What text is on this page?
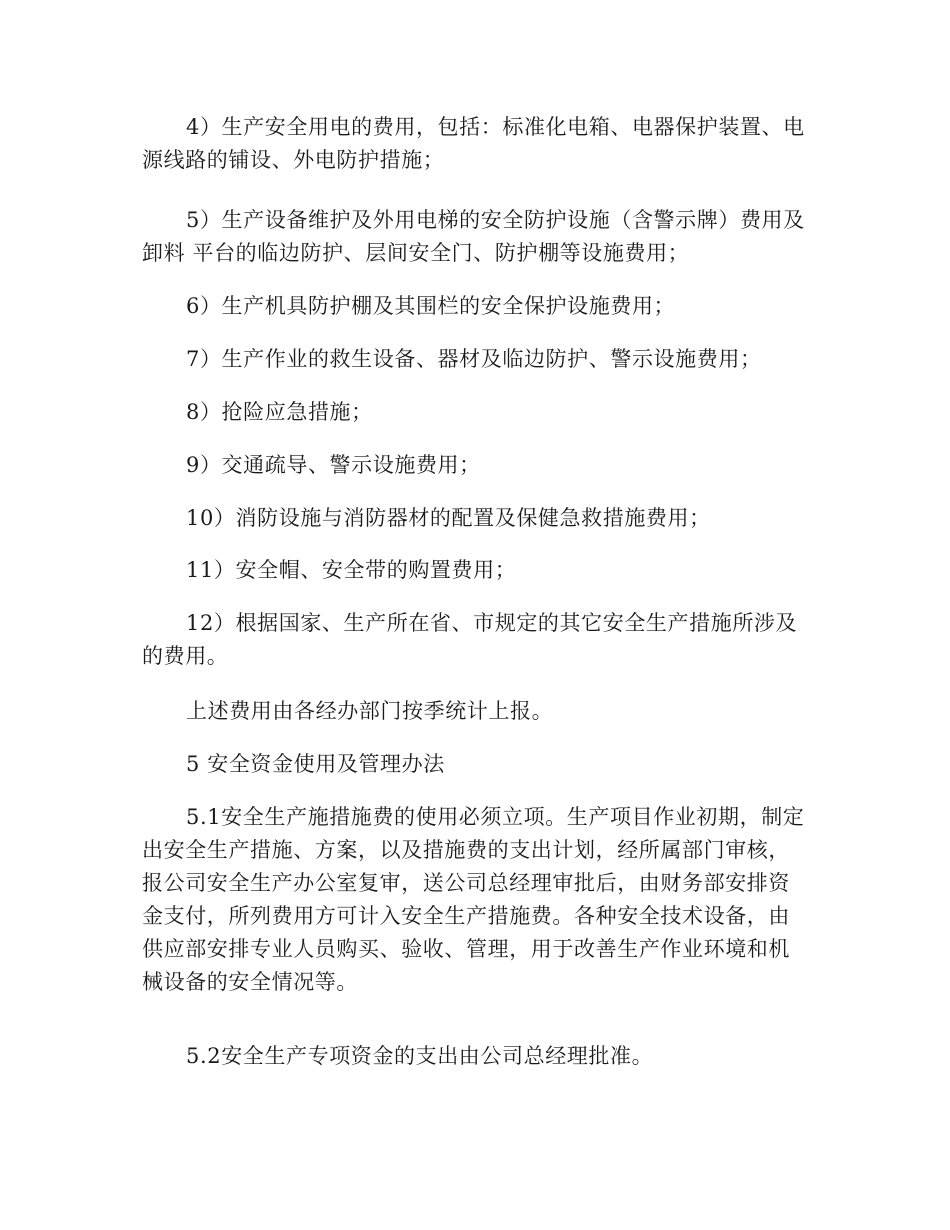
4）生产安全用电的费用，包括：标准化电箱、电器保护装置、电
源线路的铺设、外电防护措施；

5）生产设备维护及外用电梯的安全防护设施（含警示牌）费用及
卸料 平台的临边防护、层间安全门、防护棚等设施费用；

6）生产机具防护棚及其围栏的安全保护设施费用；

7）生产作业的救生设备、器材及临边防护、警示设施费用；

8）抢险应急措施；

9）交通疏导、警示设施费用；

10）消防设施与消防器材的配置及保健急救措施费用；

11）安全帽、安全带的购置费用；

12）根据国家、生产所在省、市规定的其它安全生产措施所涉及
的费用。

上述费用由各经办部门按季统计上报。

5 安全资金使用及管理办法

5.1安全生产施措施费的使用必须立项。生产项目作业初期，制定
出安全生产措施、方案，以及措施费的支出计划，经所属部门审核，
报公司安全生产办公室复审，送公司总经理审批后，由财务部安排资
金支付，所列费用方可计入安全生产措施费。各种安全技术设备，由
供应部安排专业人员购买、验收、管理，用于改善生产作业环境和机
械设备的安全情况等。

5.2安全生产专项资金的支出由公司总经理批准。
